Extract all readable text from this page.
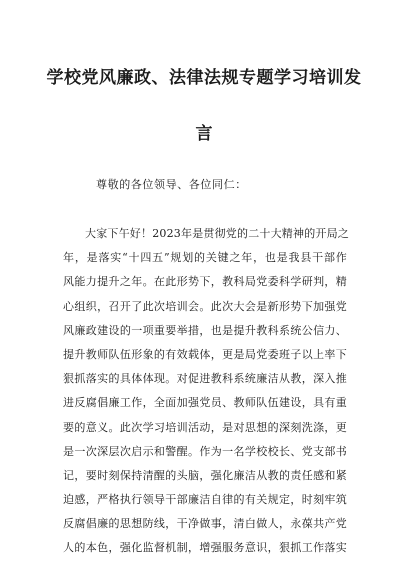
学校党风廉政、法律法规专题学习培训发
言
尊敬的各位领导、各位同仁：
大家下午好！2023年是贯彻党的二十大精神的开局之
年，是落实“十四五”规划的关键之年，也是我县干部作
风能力提升之年。在此形势下，教科局党委科学研判，精
心组织，召开了此次培训会。此次大会是新形势下加强党
风廉政建设的一项重要举措，也是提升教科系统公信力、
提升教师队伍形象的有效载体，更是局党委班子以上率下
狠抓落实的具体体现。对促进教科系统廉洁从教，深入推
进反腐倡廉工作，全面加强党员、教师队伍建设，具有重
要的意义。此次学习培训活动，是对思想的深刻洗涤，更
是一次深层次启示和警醒。作为一名学校校长、党支部书
记，要时刻保持清醒的头脑，强化廉洁从教的责任感和紧
迫感，严格执行领导干部廉洁自律的有关规定，时刻牢筑
反腐倡廉的思想防线，干净做事，清白做人，永葆共产党
人的本色，强化监督机制，增强服务意识，狠抓工作落实
